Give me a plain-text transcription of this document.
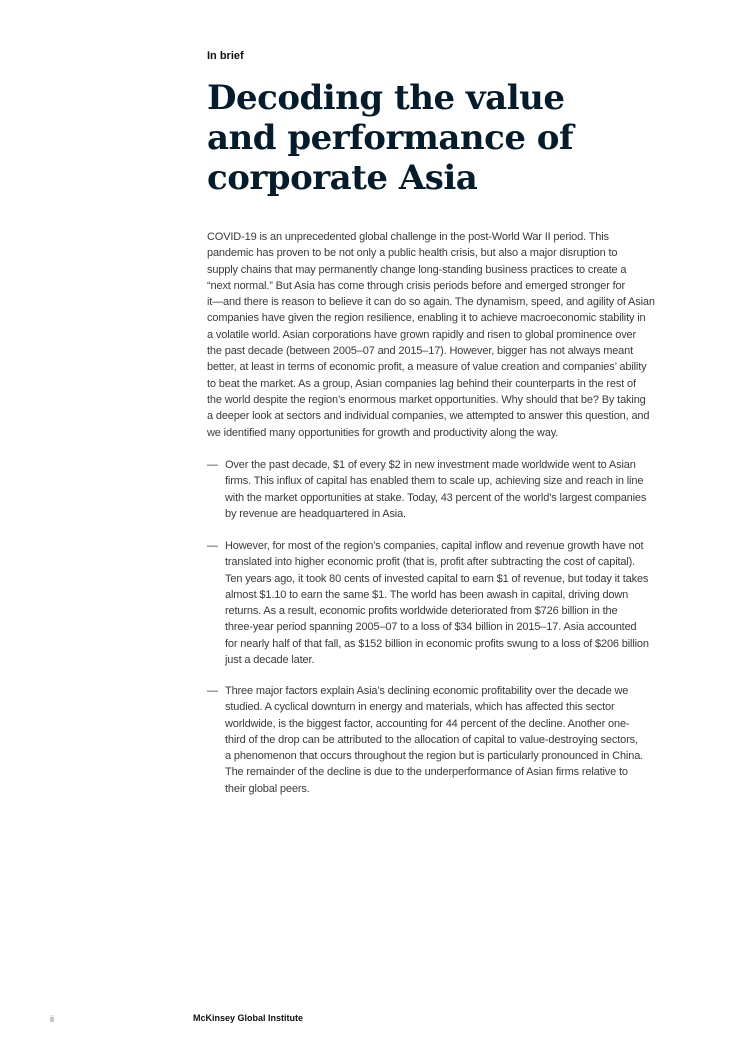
In brief
Decoding the value
and performance of
corporate Asia
COVID-19 is an unprecedented global challenge in the post-World War II period. This
pandemic has proven to be not only a public health crisis, but also a major disruption to
supply chains that may permanently change long-standing business practices to create a
“next normal.” But Asia has come through crisis periods before and emerged stronger for
it—and there is reason to believe it can do so again. The dynamism, speed, and agility of Asian
companies have given the region resilience, enabling it to achieve macroeconomic stability in
a volatile world. Asian corporations have grown rapidly and risen to global prominence over
the past decade (between 2005–07 and 2015–17). However, bigger has not always meant
better, at least in terms of economic profit, a measure of value creation and companies’ ability
to beat the market. As a group, Asian companies lag behind their counterparts in the rest of
the world despite the region’s enormous market opportunities. Why should that be? By taking
a deeper look at sectors and individual companies, we attempted to answer this question, and
we identified many opportunities for growth and productivity along the way.
— Over the past decade, $1 of every $2 in new investment made worldwide went to Asian
firms. This influx of capital has enabled them to scale up, achieving size and reach in line
with the market opportunities at stake. Today, 43 percent of the world’s largest companies
by revenue are headquartered in Asia.
— However, for most of the region’s companies, capital inflow and revenue growth have not
translated into higher economic profit (that is, profit after subtracting the cost of capital).
Ten years ago, it took 80 cents of invested capital to earn $1 of revenue, but today it takes
almost $1.10 to earn the same $1. The world has been awash in capital, driving down
returns. As a result, economic profits worldwide deteriorated from $726 billion in the
three-year period spanning 2005–07 to a loss of $34 billion in 2015–17. Asia accounted
for nearly half of that fall, as $152 billion in economic profits swung to a loss of $206 billion
just a decade later.
— Three major factors explain Asia’s declining economic profitability over the decade we
studied. A cyclical downturn in energy and materials, which has affected this sector
worldwide, is the biggest factor, accounting for 44 percent of the decline. Another one-
third of the drop can be attributed to the allocation of capital to value-destroying sectors,
a phenomenon that occurs throughout the region but is particularly pronounced in China.
The remainder of the decline is due to the underperformance of Asian firms relative to
their global peers.
ii	McKinsey Global Institute
